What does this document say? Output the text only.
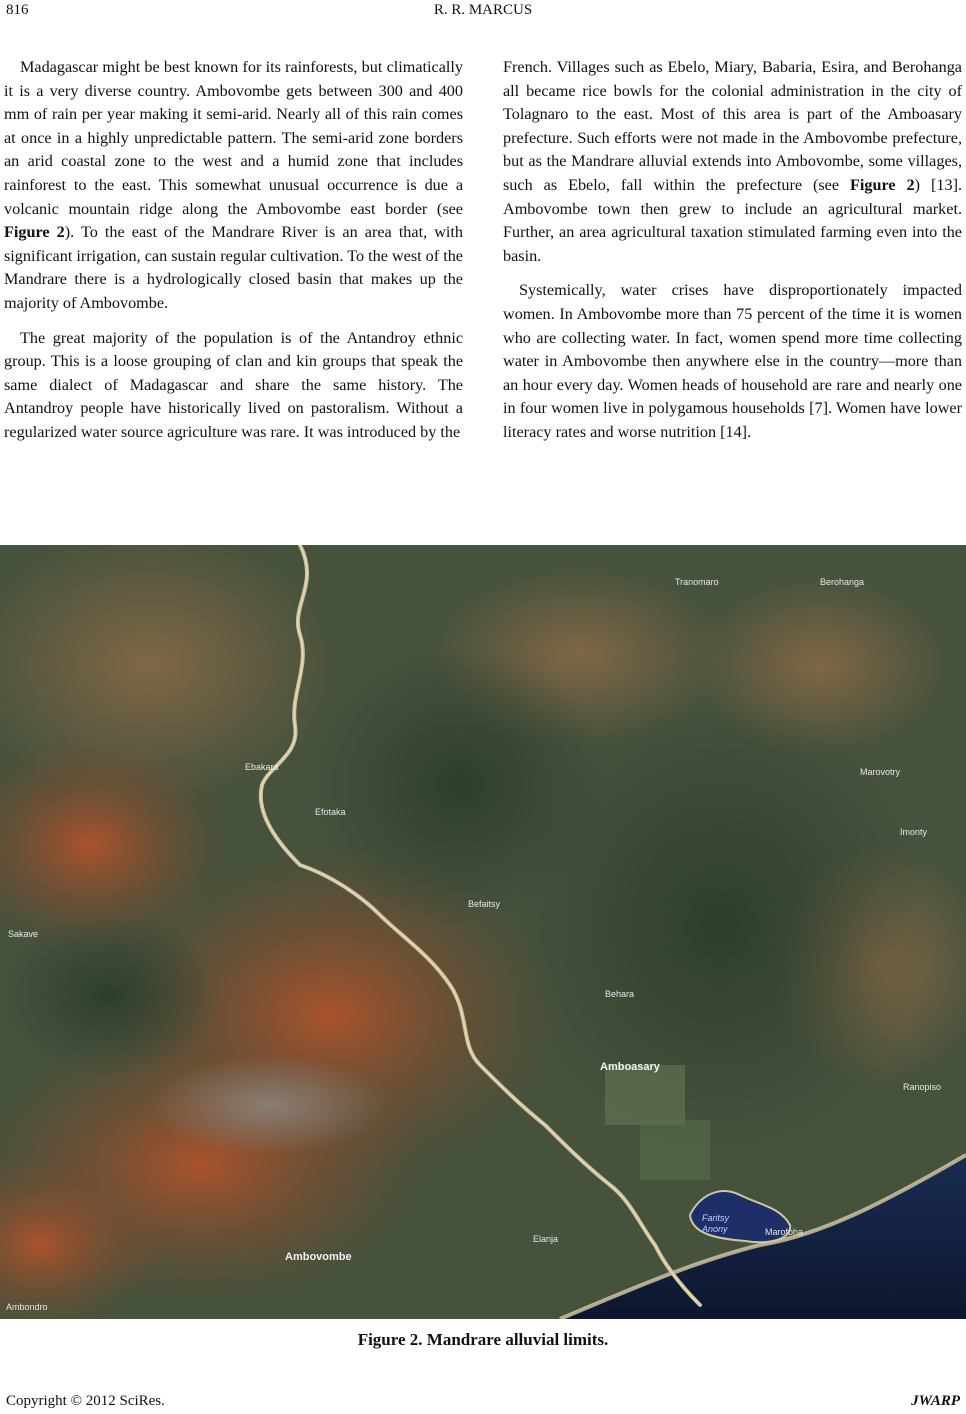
816	R. R. MARCUS

Madagascar might be best known for its rainforests, but climatically it is a very diverse country. Ambovombe gets between 300 and 400 mm of rain per year making it semi-arid. Nearly all of this rain comes at once in a highly unpredictable pattern. The semi-arid zone borders an arid coastal zone to the west and a humid zone that includes rainforest to the east. This somewhat unusual occurrence is due a volcanic mountain ridge along the Ambovombe east border (see Figure 2). To the east of the Mandrare River is an area that, with significant irrigation, can sustain regular cultivation. To the west of the Mandrare there is a hydrologically closed basin that makes up the majority of Ambovombe.

The great majority of the population is of the Antandroy ethnic group. This is a loose grouping of clan and kin groups that speak the same dialect of Madagascar and share the same history. The Antandroy people have historically lived on pastoralism. Without a regularized water source agriculture was rare. It was introduced by the

French. Villages such as Ebelo, Miary, Babaria, Esira, and Berohanga all became rice bowls for the colonial administration in the city of Tolagnaro to the east. Most of this area is part of the Amboasary prefecture. Such efforts were not made in the Ambovombe prefecture, but as the Mandrare alluvial extends into Ambovombe, some villages, such as Ebelo, fall within the prefecture (see Figure 2) [13]. Ambovombe town then grew to include an agricultural market. Further, an area agricultural taxation stimulated farming even into the basin.

Systemically, water crises have disproportionately impacted women. In Ambovombe more than 75 percent of the time it is women who are collecting water. In fact, women spend more time collecting water in Ambovombe then anywhere else in the country—more than an hour every day. Women heads of household are rare and nearly one in four women live in polygamous households [7]. Women have lower literacy rates and worse nutrition [14].

Tranomaro	Berohanga
Ebakara
Efotaka
Marovotry
Imonty
Befaitsy
Sakave
Behara
Amboasary
Ranopiso
Faritsy Anony
Elanja
Marofoha
Ambovombe
Ambondro
Figure 2. Mandrare alluvial limits.
Copyright © 2012 SciRes.	JWARP
